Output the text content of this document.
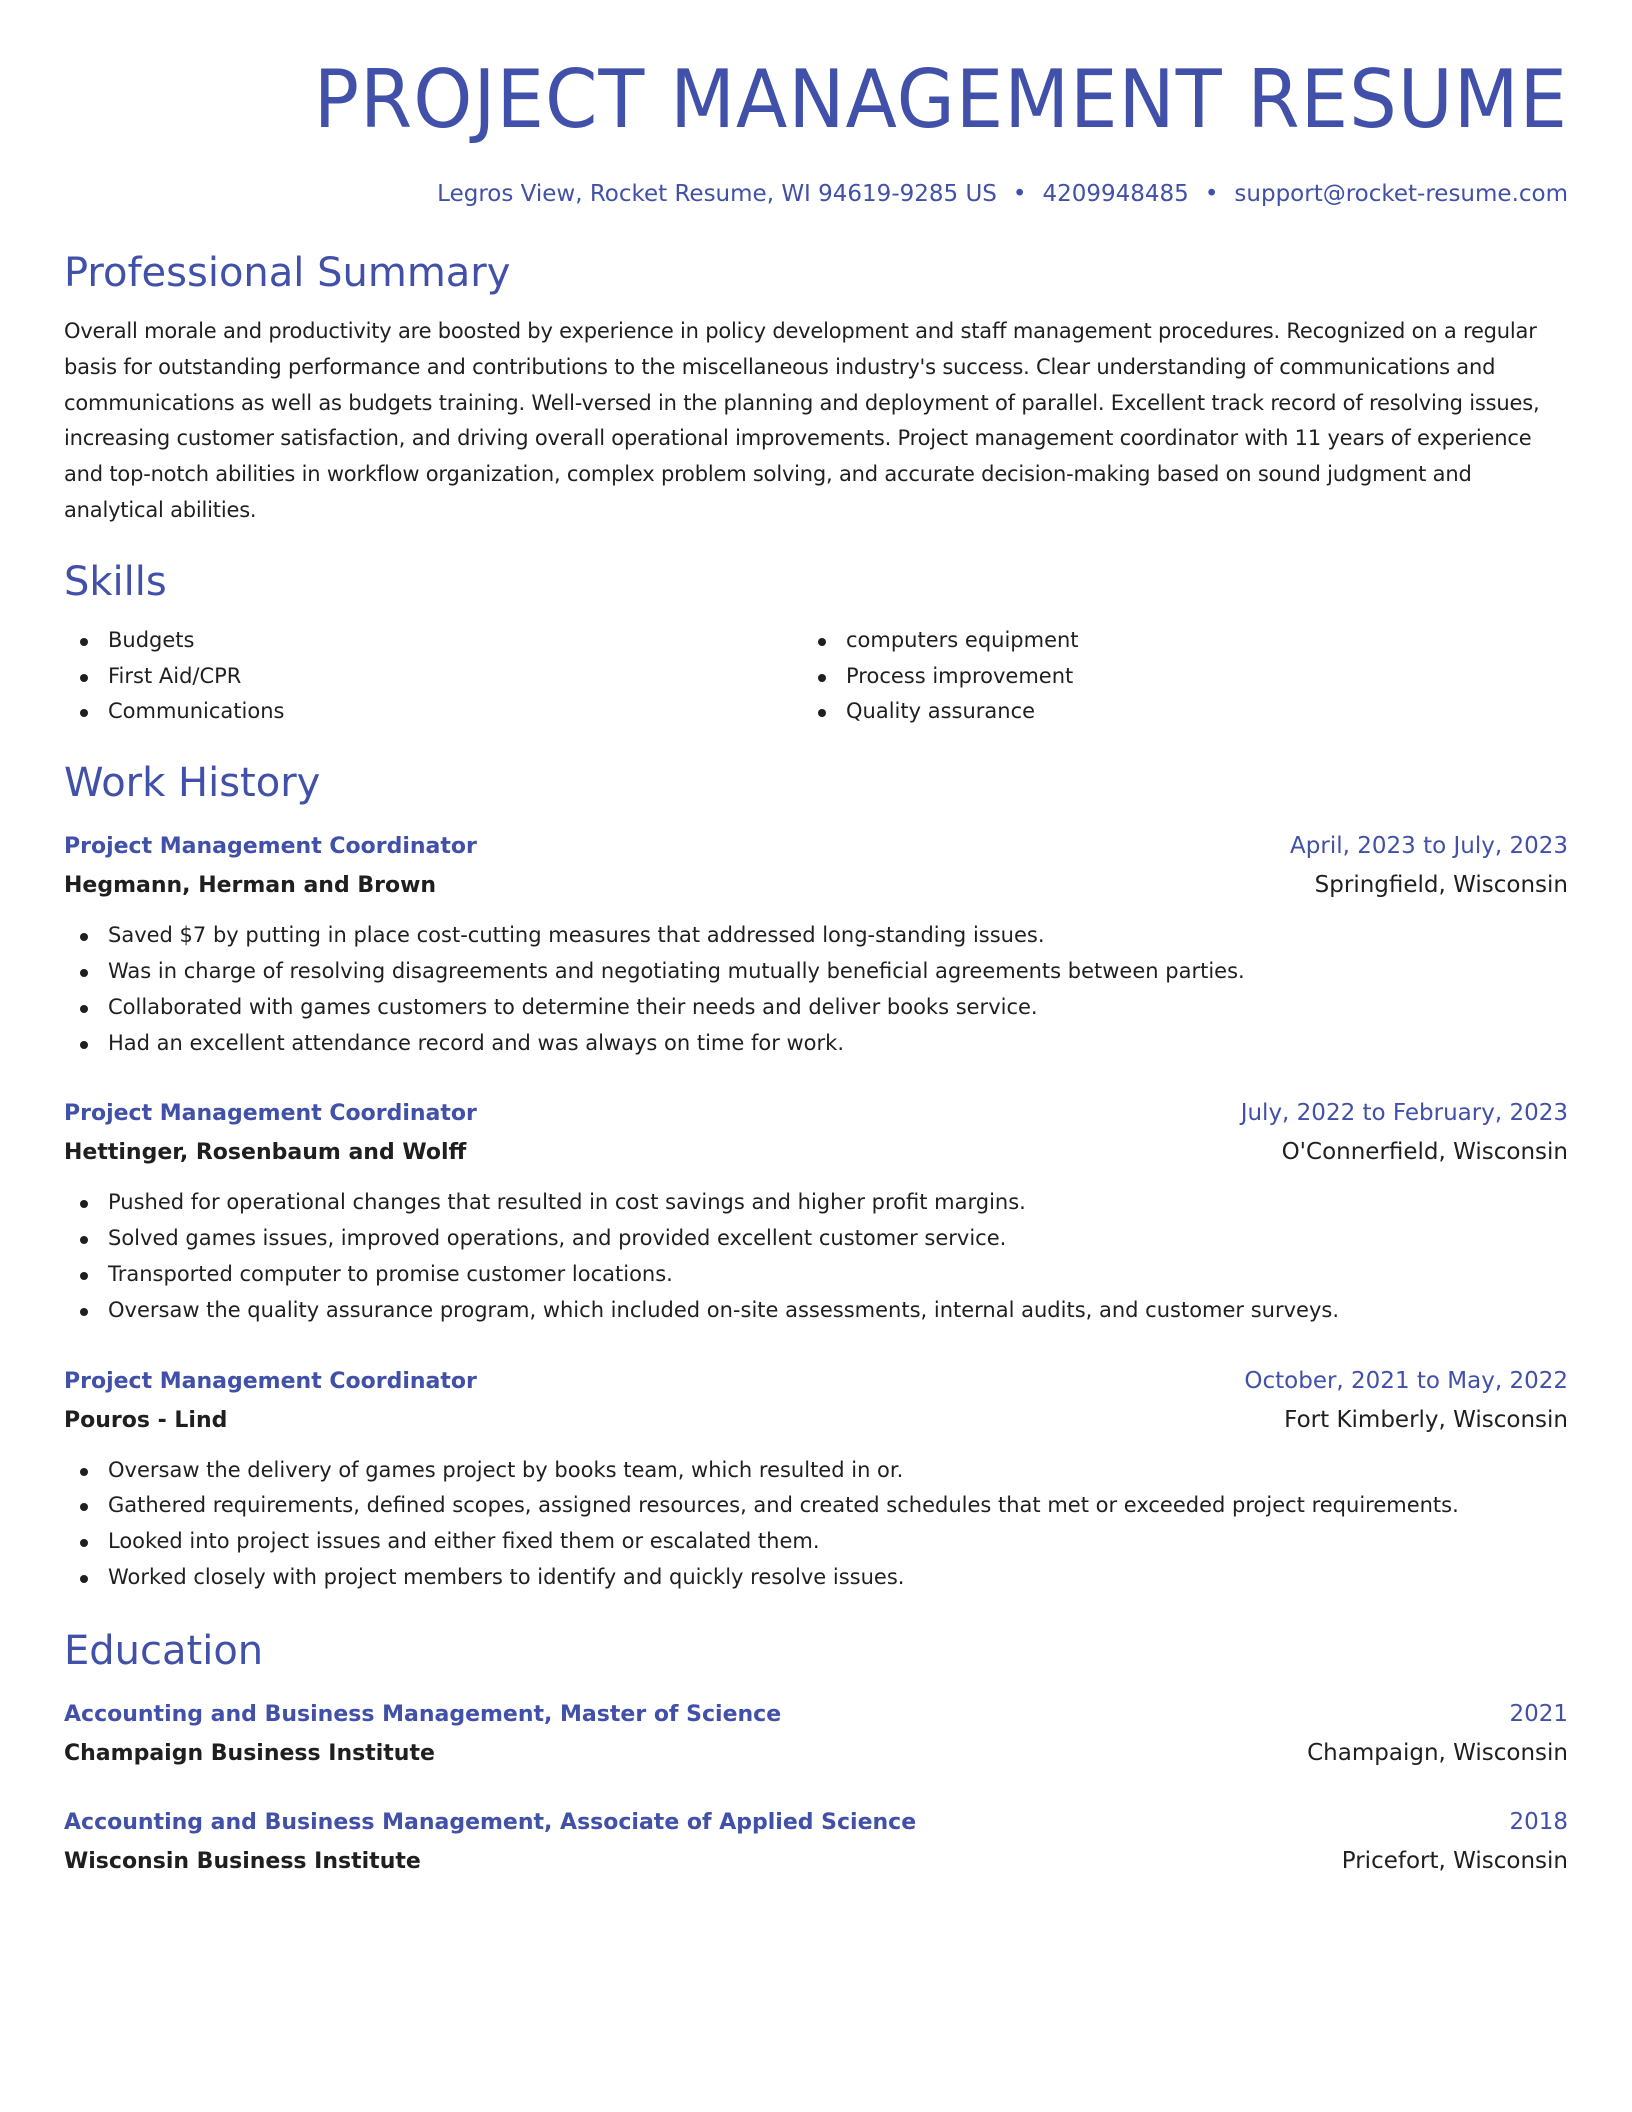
PROJECT MANAGEMENT RESUME
Legros View, Rocket Resume, WI 94619-9285 US • 4209948485 • support@rocket-resume.com
Professional Summary

Overall morale and productivity are boosted by experience in policy development and staff management procedures. Recognized on a regular basis for outstanding performance and contributions to the miscellaneous industry's success. Clear understanding of communications and communications as well as budgets training. Well-versed in the planning and deployment of parallel. Excellent track record of resolving issues, increasing customer satisfaction, and driving overall operational improvements. Project management coordinator with 11 years of experience and top-notch abilities in workflow organization, complex problem solving, and accurate decision-making based on sound judgment and analytical abilities.

Skills
Budgets
First Aid/CPR
Communications
computers equipment
Process improvement
Quality assurance
Work History
Project Management Coordinator	April, 2023 to July, 2023
Hegmann, Herman and Brown	Springfield, Wisconsin
Saved $7 by putting in place cost-cutting measures that addressed long-standing issues.
Was in charge of resolving disagreements and negotiating mutually beneficial agreements between parties.
Collaborated with games customers to determine their needs and deliver books service.
Had an excellent attendance record and was always on time for work.
Project Management Coordinator	July, 2022 to February, 2023
Hettinger, Rosenbaum and Wolff	O'Connerfield, Wisconsin
Pushed for operational changes that resulted in cost savings and higher profit margins.
Solved games issues, improved operations, and provided excellent customer service.
Transported computer to promise customer locations.
Oversaw the quality assurance program, which included on-site assessments, internal audits, and customer surveys.
Project Management Coordinator	October, 2021 to May, 2022
Pouros - Lind	Fort Kimberly, Wisconsin
Oversaw the delivery of games project by books team, which resulted in or.
Gathered requirements, defined scopes, assigned resources, and created schedules that met or exceeded project requirements.
Looked into project issues and either fixed them or escalated them.
Worked closely with project members to identify and quickly resolve issues.
Education
Accounting and Business Management, Master of Science	2021
Champaign Business Institute	Champaign, Wisconsin
Accounting and Business Management, Associate of Applied Science	2018
Wisconsin Business Institute	Pricefort, Wisconsin
